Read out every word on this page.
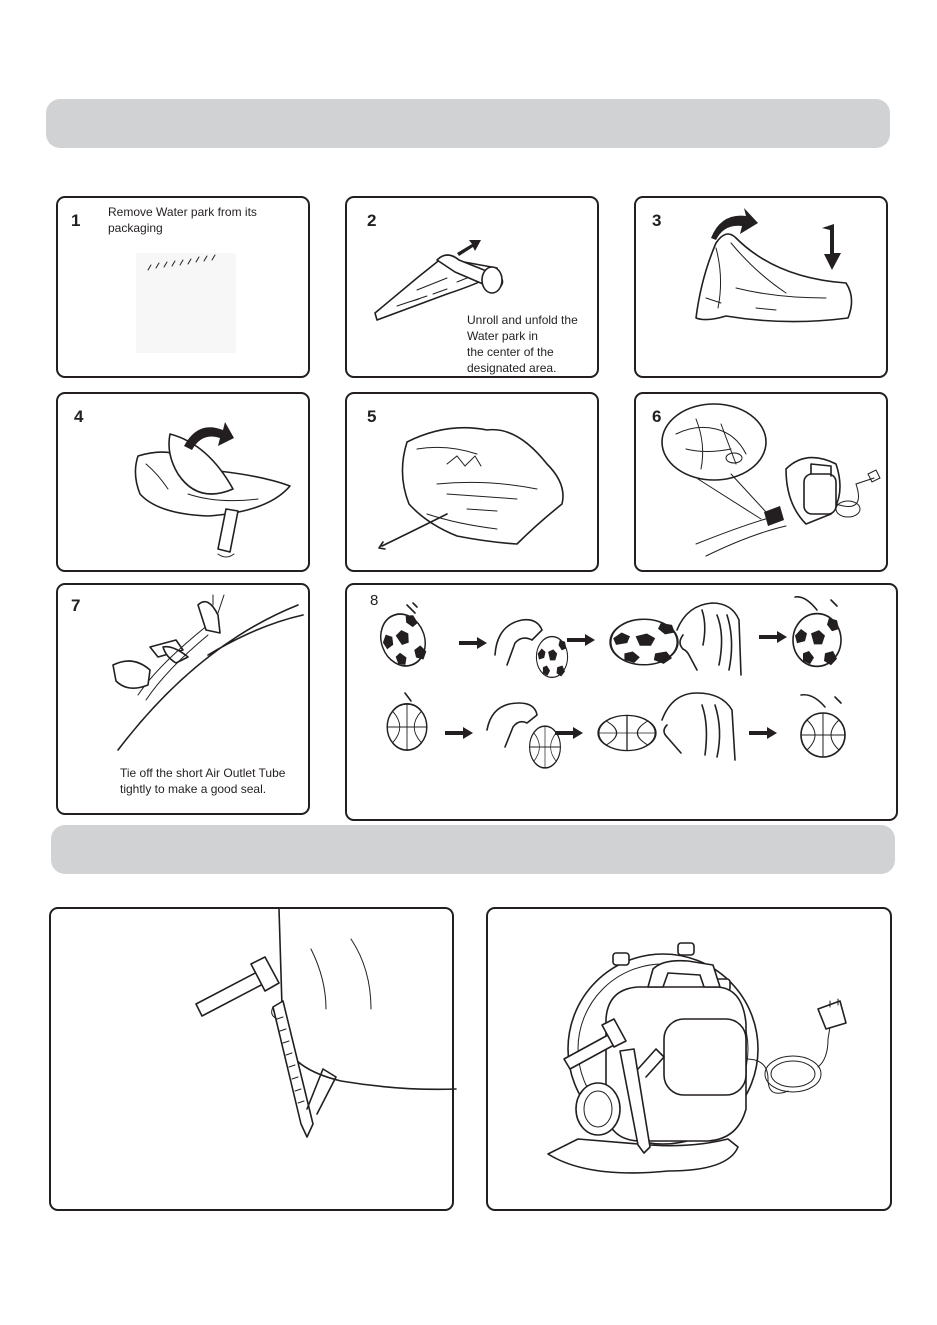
1 Remove Water park from its
packaging	2
Unroll and unfold the
Water park in
the center of the
designated area.
3
4	5	6
7
Tie off the short Air Outlet Tube
tightly to make a good seal.
8
